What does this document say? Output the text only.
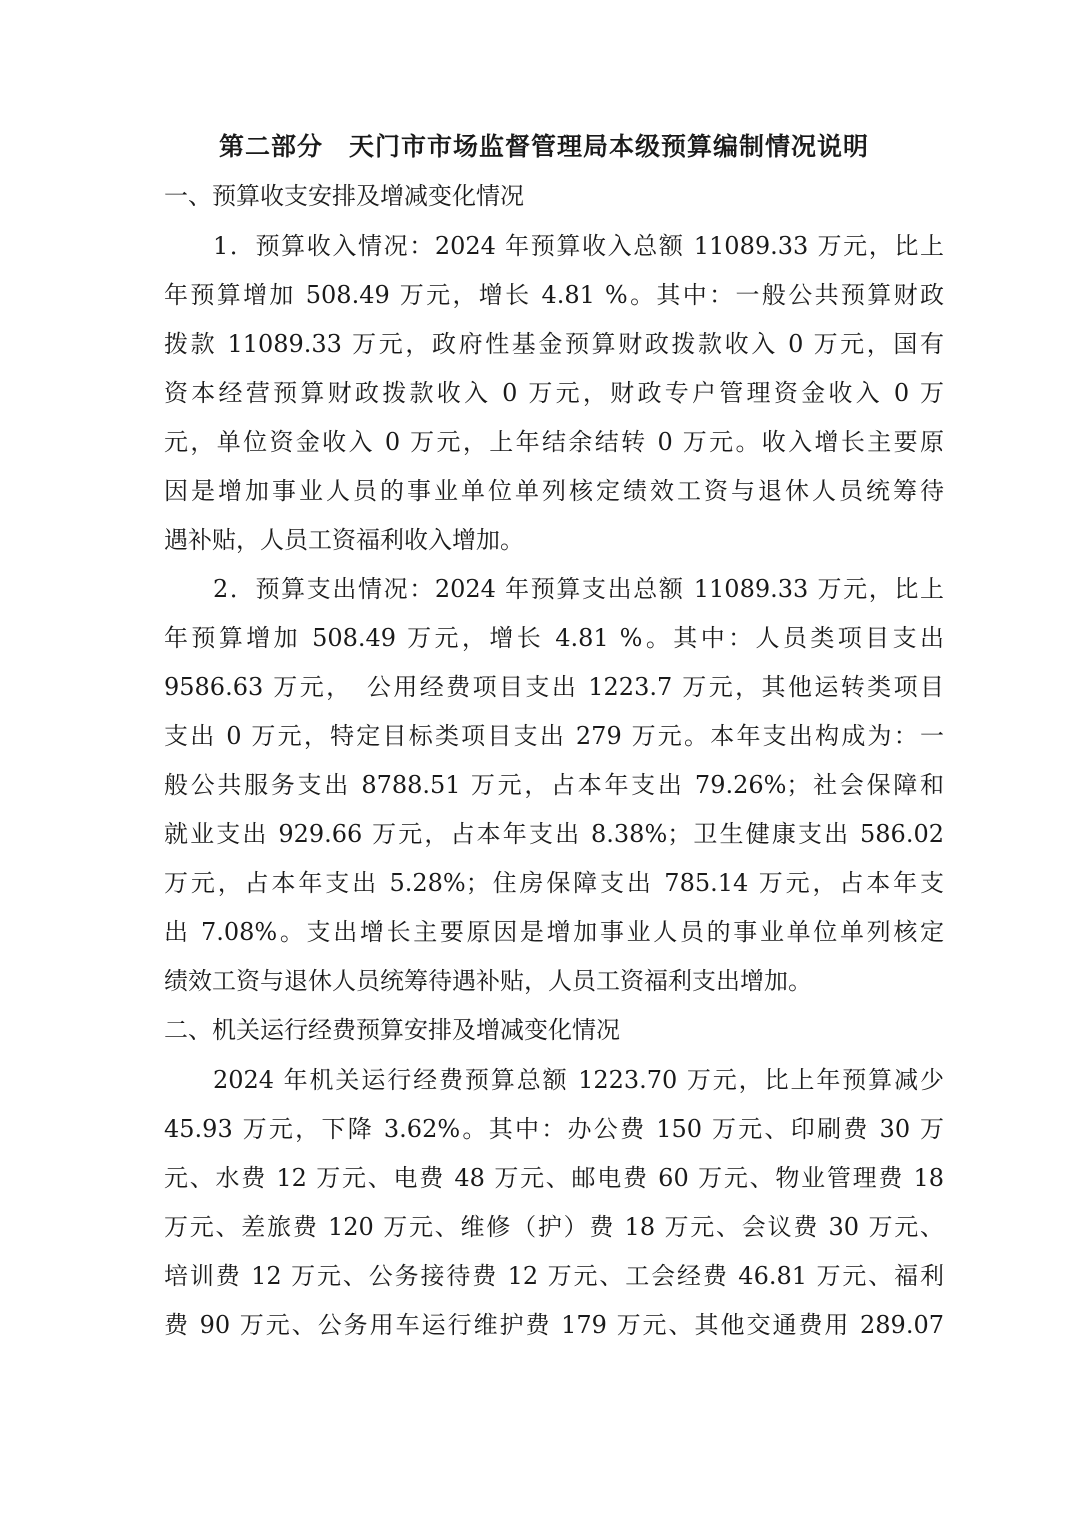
第二部分　天门市市场监督管理局本级预算编制情况说明
一、预算收支安排及增减变化情况
1．预算收入情况：2024 年预算收入总额 11089.33 万元，比上
年预算增加 508.49 万元，增长 4.81 %。其中：一般公共预算财政
拨款 11089.33 万元，政府性基金预算财政拨款收入 0 万元，国有
资本经营预算财政拨款收入 0 万元，财政专户管理资金收入 0 万
元，单位资金收入 0 万元，上年结余结转 0 万元。收入增长主要原
因是增加事业人员的事业单位单列核定绩效工资与退休人员统筹待
遇补贴，人员工资福利收入增加。
2．预算支出情况：2024 年预算支出总额 11089.33 万元，比上
年预算增加 508.49 万元，增长 4.81 %。其中：人员类项目支出
9586.63 万元，　公用经费项目支出 1223.7 万元，其他运转类项目
支出 0 万元，特定目标类项目支出 279 万元。本年支出构成为：一
般公共服务支出 8788.51 万元，占本年支出 79.26%；社会保障和
就业支出 929.66 万元，占本年支出 8.38%；卫生健康支出 586.02
万元，占本年支出 5.28%；住房保障支出 785.14 万元，占本年支
出 7.08%。支出增长主要原因是增加事业人员的事业单位单列核定
绩效工资与退休人员统筹待遇补贴，人员工资福利支出增加。
二、机关运行经费预算安排及增减变化情况
2024 年机关运行经费预算总额 1223.70 万元，比上年预算减少
45.93 万元，下降 3.62%。其中：办公费 150 万元、印刷费 30 万
元、水费 12 万元、电费 48 万元、邮电费 60 万元、物业管理费 18
万元、差旅费 120 万元、维修（护）费 18 万元、会议费 30 万元、
培训费 12 万元、公务接待费 12 万元、工会经费 46.81 万元、福利
费 90 万元、公务用车运行维护费 179 万元、其他交通费用 289.07
